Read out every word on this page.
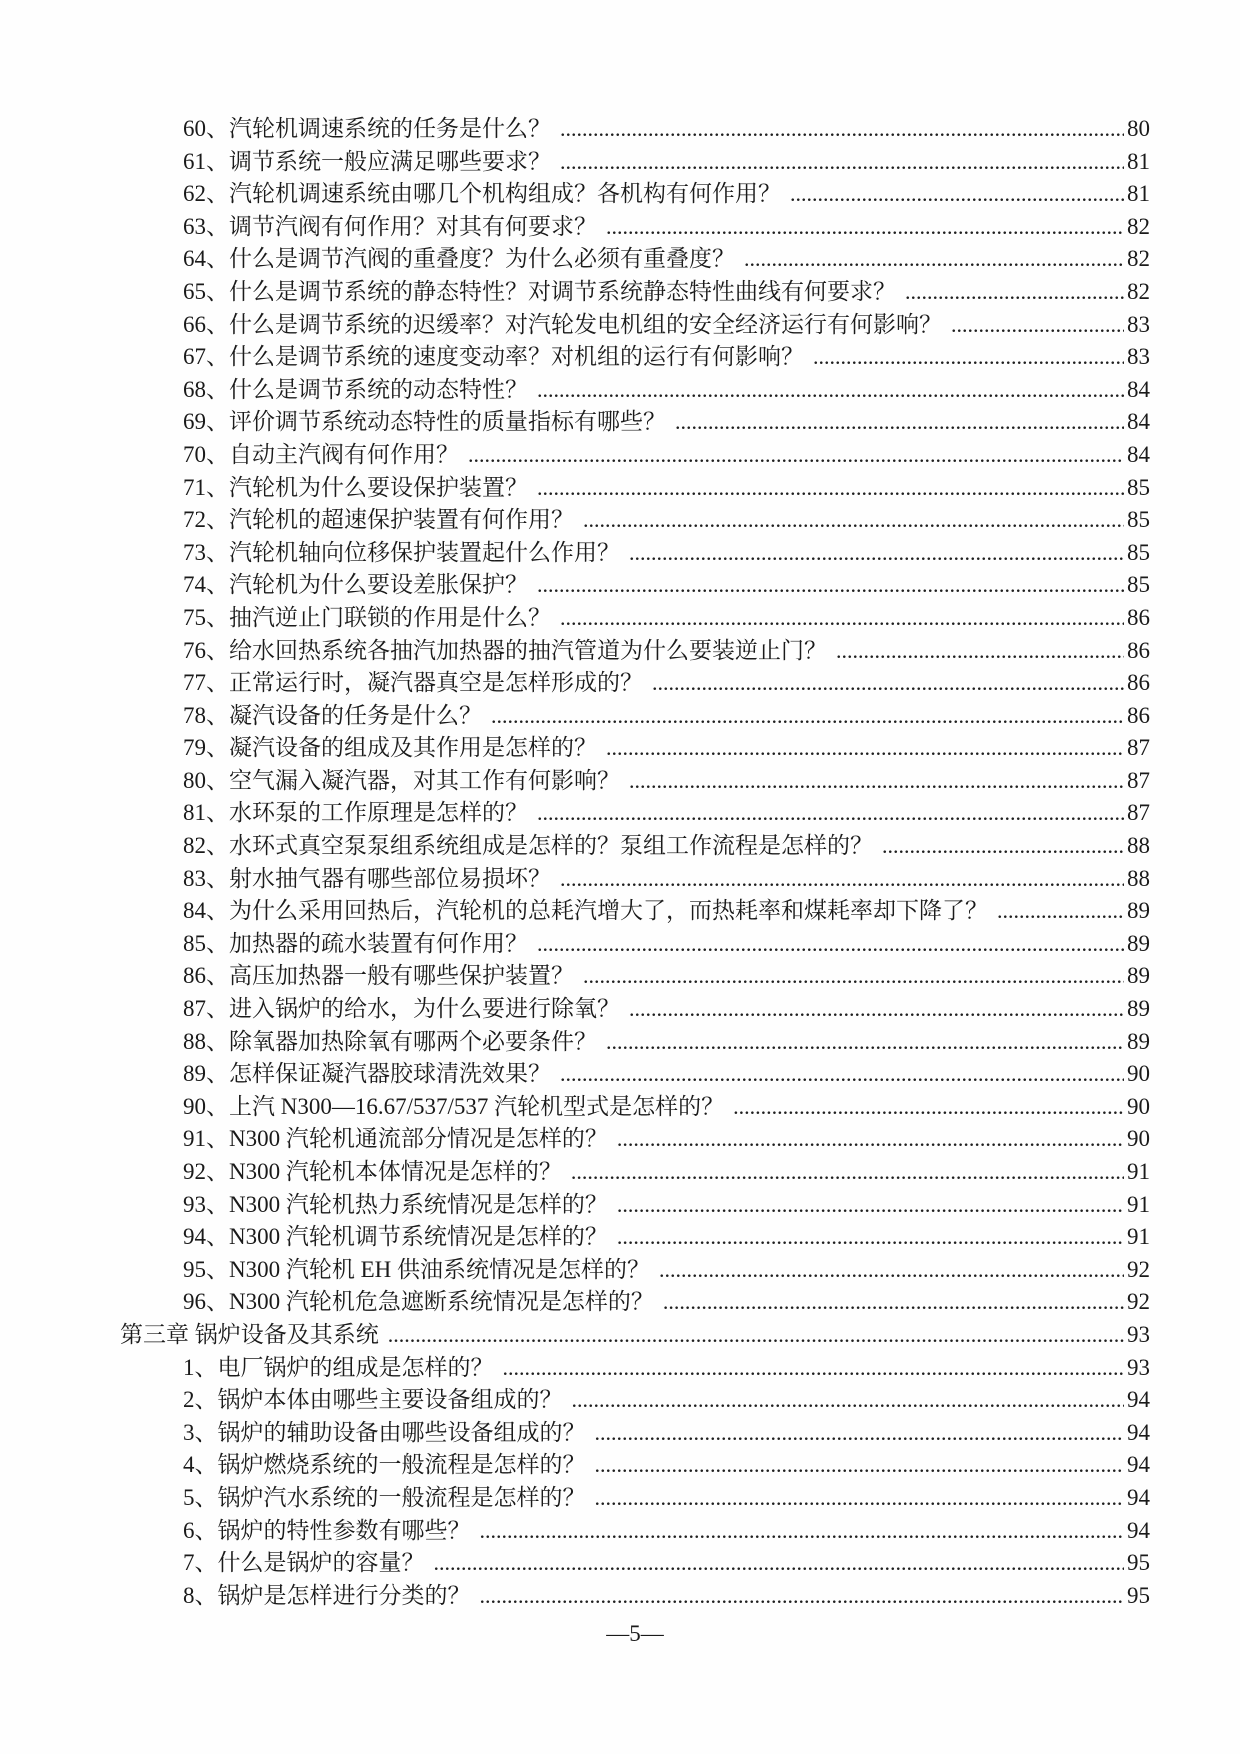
60、汽轮机调速系统的任务是什么？ .....	80
61、调节系统一般应满足哪些要求？ .....	81
62、汽轮机调速系统由哪几个机构组成？各机构有何作用？ .....	81
63、调节汽阀有何作用？对其有何要求？ .....	82
64、什么是调节汽阀的重叠度？为什么必须有重叠度？ .....	82
65、什么是调节系统的静态特性？对调节系统静态特性曲线有何要求？ .....	82
66、什么是调节系统的迟缓率？对汽轮发电机组的安全经济运行有何影响？ .....	83
67、什么是调节系统的速度变动率？对机组的运行有何影响？ .....	83
68、什么是调节系统的动态特性？ .....	84
69、评价调节系统动态特性的质量指标有哪些？ .....	84
70、自动主汽阀有何作用？ .....	84
71、汽轮机为什么要设保护装置？ .....	85
72、汽轮机的超速保护装置有何作用？ .....	85
73、汽轮机轴向位移保护装置起什么作用？ .....	85
74、汽轮机为什么要设差胀保护？ .....	85
75、抽汽逆止门联锁的作用是什么？ .....	86
76、给水回热系统各抽汽加热器的抽汽管道为什么要装逆止门？ .....	86
77、正常运行时，凝汽器真空是怎样形成的？ .....	86
78、凝汽设备的任务是什么？ .....	86
79、凝汽设备的组成及其作用是怎样的？ .....	87
80、空气漏入凝汽器，对其工作有何影响？ .....	87
81、水环泵的工作原理是怎样的？ .....	87
82、水环式真空泵泵组系统组成是怎样的？泵组工作流程是怎样的？ .....	88
83、射水抽气器有哪些部位易损坏？ .....	88
84、为什么采用回热后，汽轮机的总耗汽增大了，而热耗率和煤耗率却下降了？ .....	89
85、加热器的疏水装置有何作用？ .....	89
86、高压加热器一般有哪些保护装置？ .....	89
87、进入锅炉的给水，为什么要进行除氧？ .....	89
88、除氧器加热除氧有哪两个必要条件？ .....	89
89、怎样保证凝汽器胶球清洗效果？ .....	90
90、上汽 N300—16.67/537/537 汽轮机型式是怎样的？ .....	90
91、N300 汽轮机通流部分情况是怎样的？ .....	90
92、N300 汽轮机本体情况是怎样的？ .....	91
93、N300 汽轮机热力系统情况是怎样的？ .....	91
94、N300 汽轮机调节系统情况是怎样的？ .....	91
95、N300 汽轮机 EH 供油系统情况是怎样的？ .....	92
96、N300 汽轮机危急遮断系统情况是怎样的？ .....	92
第三章 锅炉设备及其系统 .....	93
1、电厂锅炉的组成是怎样的？ .....	93
2、锅炉本体由哪些主要设备组成的？ .....	94
3、锅炉的辅助设备由哪些设备组成的？ .....	94
4、锅炉燃烧系统的一般流程是怎样的？ .....	94
5、锅炉汽水系统的一般流程是怎样的？ .....	94
6、锅炉的特性参数有哪些？ .....	94
7、什么是锅炉的容量？ .....	95
8、锅炉是怎样进行分类的？ .....	95
—5—
